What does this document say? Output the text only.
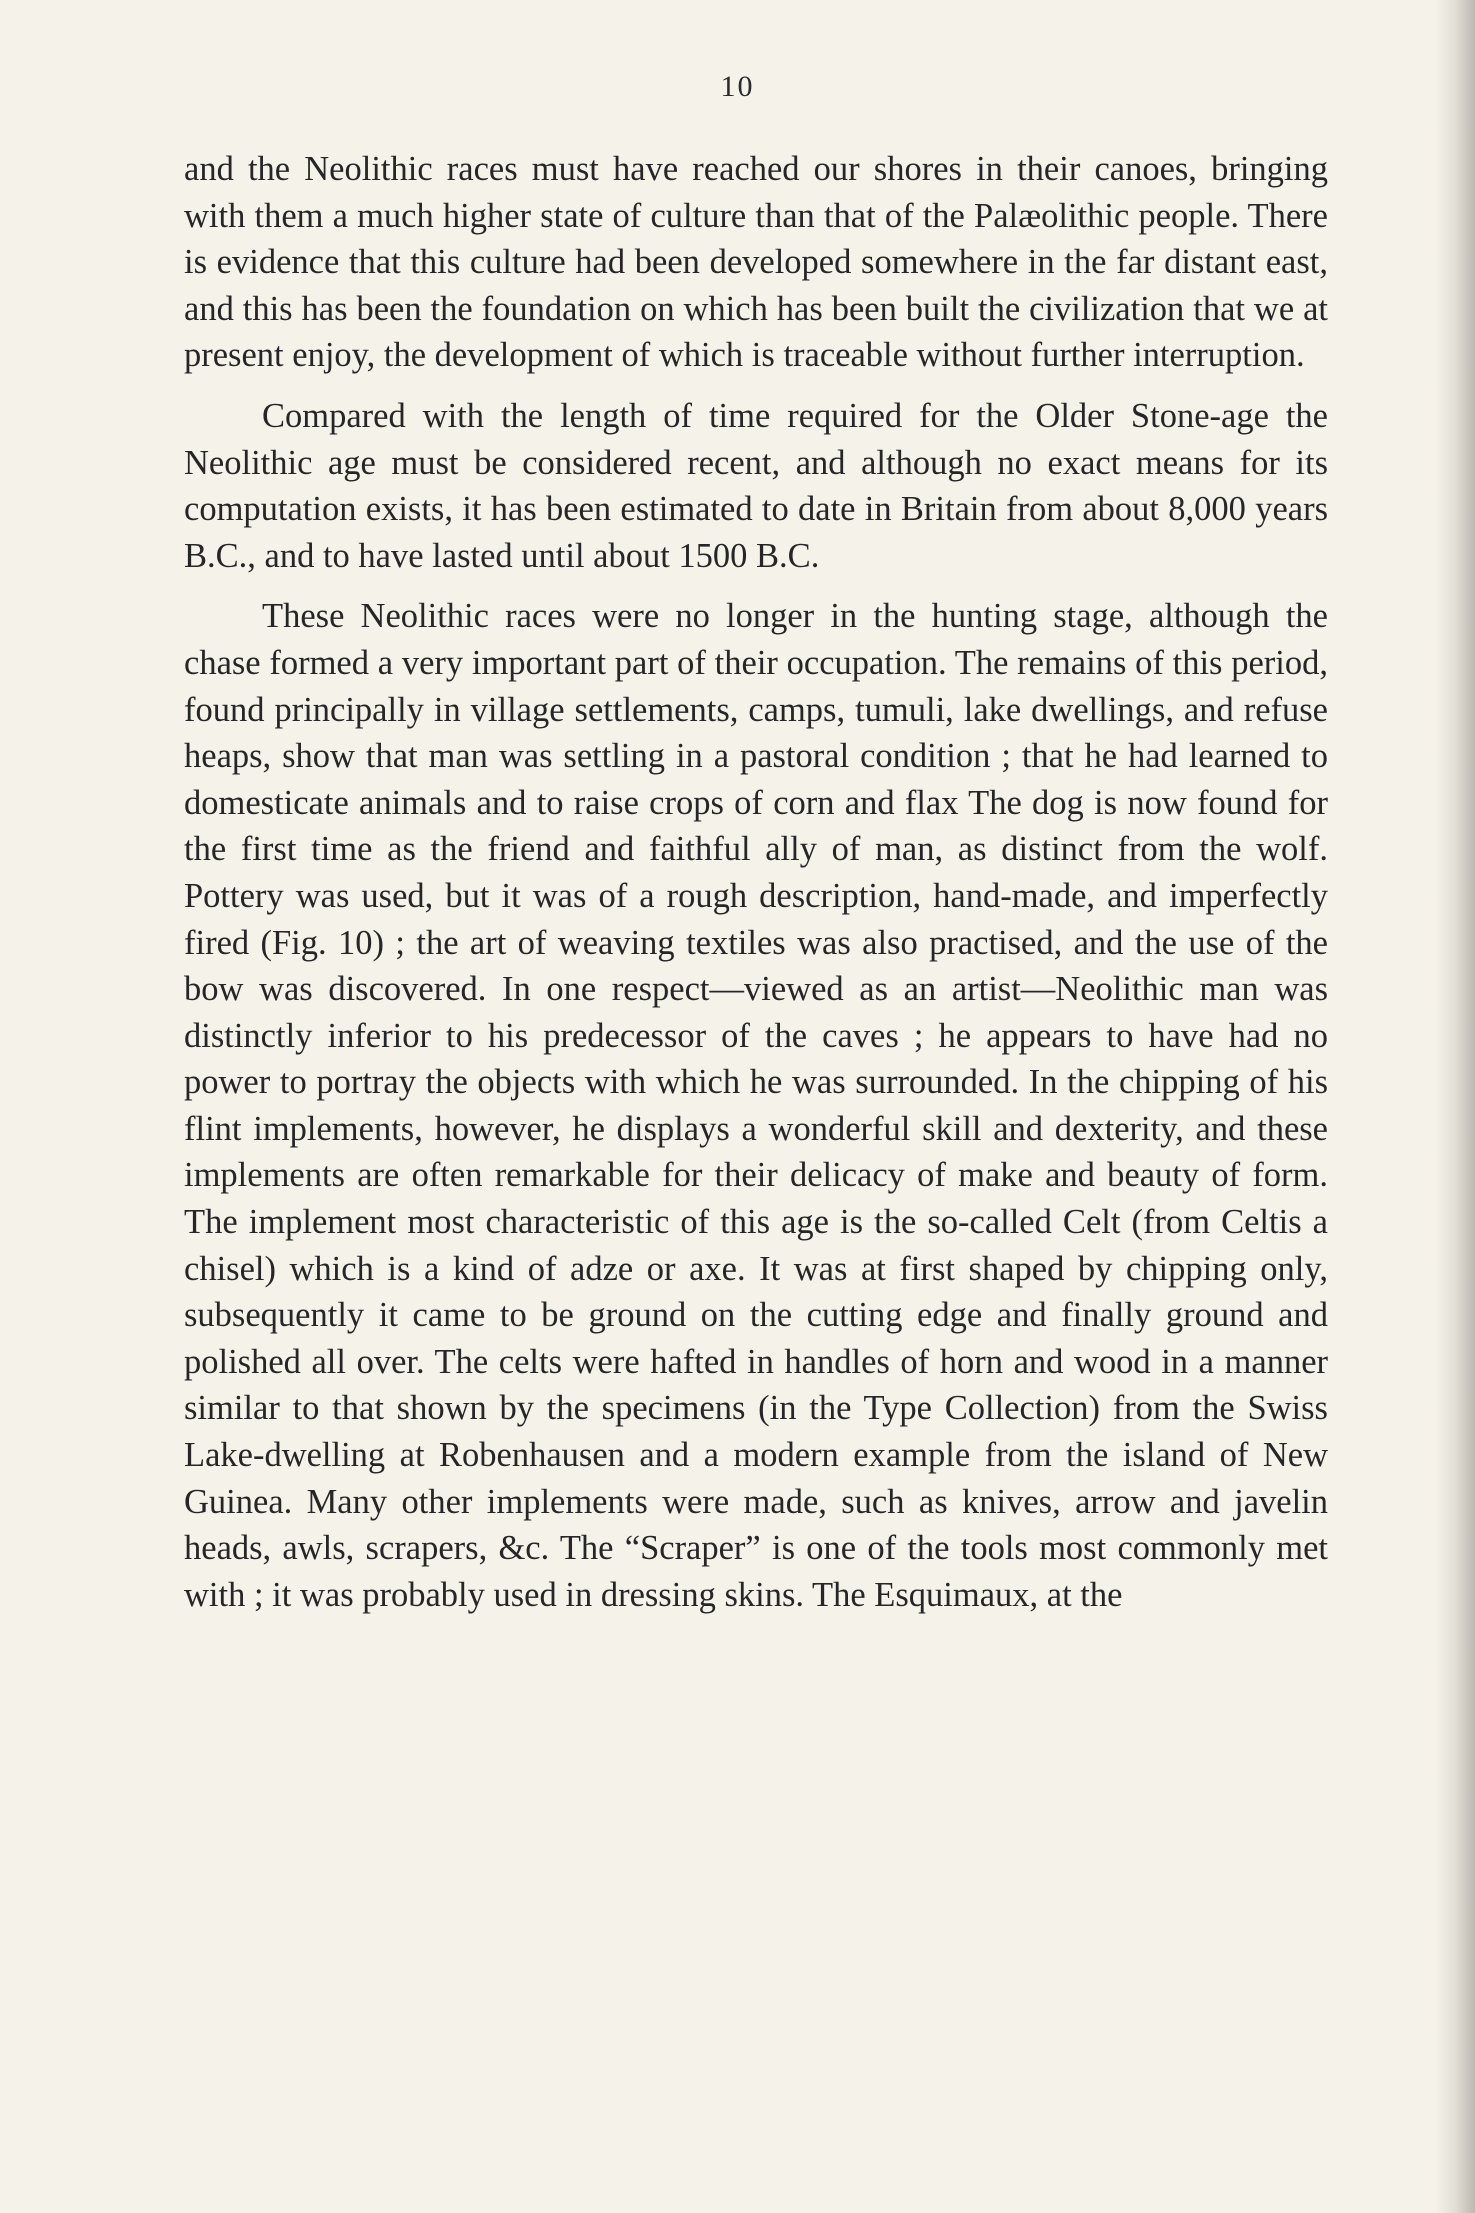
10

and the Neolithic races must have reached our shores in their canoes, bringing with them a much higher state of culture than that of the Palæolithic people. There is evidence that this culture had been developed somewhere in the far distant east, and this has been the foundation on which has been built the civilization that we at present enjoy, the development of which is traceable without further interruption.

Compared with the length of time required for the Older Stone-age the Neolithic age must be considered recent, and although no exact means for its computation exists, it has been estimated to date in Britain from about 8,000 years B.C., and to have lasted until about 1500 B.C.

These Neolithic races were no longer in the hunting stage, although the chase formed a very important part of their occupation. The remains of this period, found principally in village settlements, camps, tumuli, lake dwellings, and refuse heaps, show that man was settling in a pastoral condition ; that he had learned to domesticate animals and to raise crops of corn and flax The dog is now found for the first time as the friend and faithful ally of man, as distinct from the wolf. Pottery was used, but it was of a rough description, hand-made, and imperfectly fired (Fig. 10) ; the art of weaving textiles was also practised, and the use of the bow was discovered. In one respect—viewed as an artist—Neolithic man was distinctly inferior to his predecessor of the caves ; he appears to have had no power to portray the objects with which he was surrounded. In the chipping of his flint implements, however, he displays a wonderful skill and dexterity, and these implements are often remarkable for their delicacy of make and beauty of form. The implement most characteristic of this age is the so-called Celt (from Celtis a chisel) which is a kind of adze or axe. It was at first shaped by chipping only, subsequently it came to be ground on the cutting edge and finally ground and polished all over. The celts were hafted in handles of horn and wood in a manner similar to that shown by the specimens (in the Type Collection) from the Swiss Lake-dwelling at Robenhausen and a modern example from the island of New Guinea. Many other implements were made, such as knives, arrow and javelin heads, awls, scrapers, &c. The “Scraper” is one of the tools most commonly met with ; it was probably used in dressing skins. The Esquimaux, at the
